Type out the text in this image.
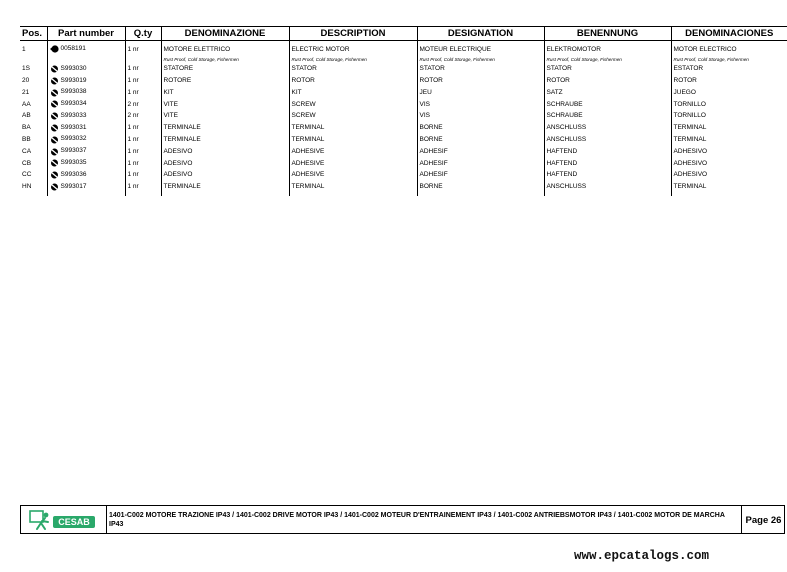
Pos.	Part number	Q.ty	DENOMINAZIONE	DESCRIPTION	DESIGNATION	BENENNUNG	DENOMINACIONES

1	0058191	1 nr	MOTORE ELETTRICO	ELECTRIC MOTOR	MOTEUR ELECTRIQUE	ELEKTROMOTOR	MOTOR ELECTRICO
			Rust Proof, Cold Storage, Fishermen	Rust Proof, Cold Storage, Fishermen	Rust Proof, Cold Storage, Fishermen	Rust Proof, Cold Storage, Fishermen	Rust Proof, Cold Storage, Fishermen
1S	S993030	1 nr	STATORE	STATOR	STATOR	STATOR	ESTATOR
20	S993019	1 nr	ROTORE	ROTOR	ROTOR	ROTOR	ROTOR
21	S993038	1 nr	KIT	KIT	JEU	SATZ	JUEGO
AA	S993034	2 nr	VITE	SCREW	VIS	SCHRAUBE	TORNILLO
AB	S993033	2 nr	VITE	SCREW	VIS	SCHRAUBE	TORNILLO
BA	S993031	1 nr	TERMINALE	TERMINAL	BORNE	ANSCHLUSS	TERMINAL
BB	S993032	1 nr	TERMINALE	TERMINAL	BORNE	ANSCHLUSS	TERMINAL
CA	S993037	1 nr	ADESIVO	ADHESIVE	ADHESIF	HAFTEND	ADHESIVO
CB	S993035	1 nr	ADESIVO	ADHESIVE	ADHESIF	HAFTEND	ADHESIVO
CC	S993036	1 nr	ADESIVO	ADHESIVE	ADHESIF	HAFTEND	ADHESIVO
HN	S993017	1 nr	TERMINALE	TERMINAL	BORNE	ANSCHLUSS	TERMINAL

CESAB
1401-C002 MOTORE TRAZIONE IP43 / 1401-C002 DRIVE MOTOR IP43 / 1401-C002 MOTEUR D'ENTRAINEMENT IP43 / 1401-C002 ANTRIEBSMOTOR IP43 / 1401-C002 MOTOR DE MARCHA IP43	Page 26
www.epcatalogs.com
